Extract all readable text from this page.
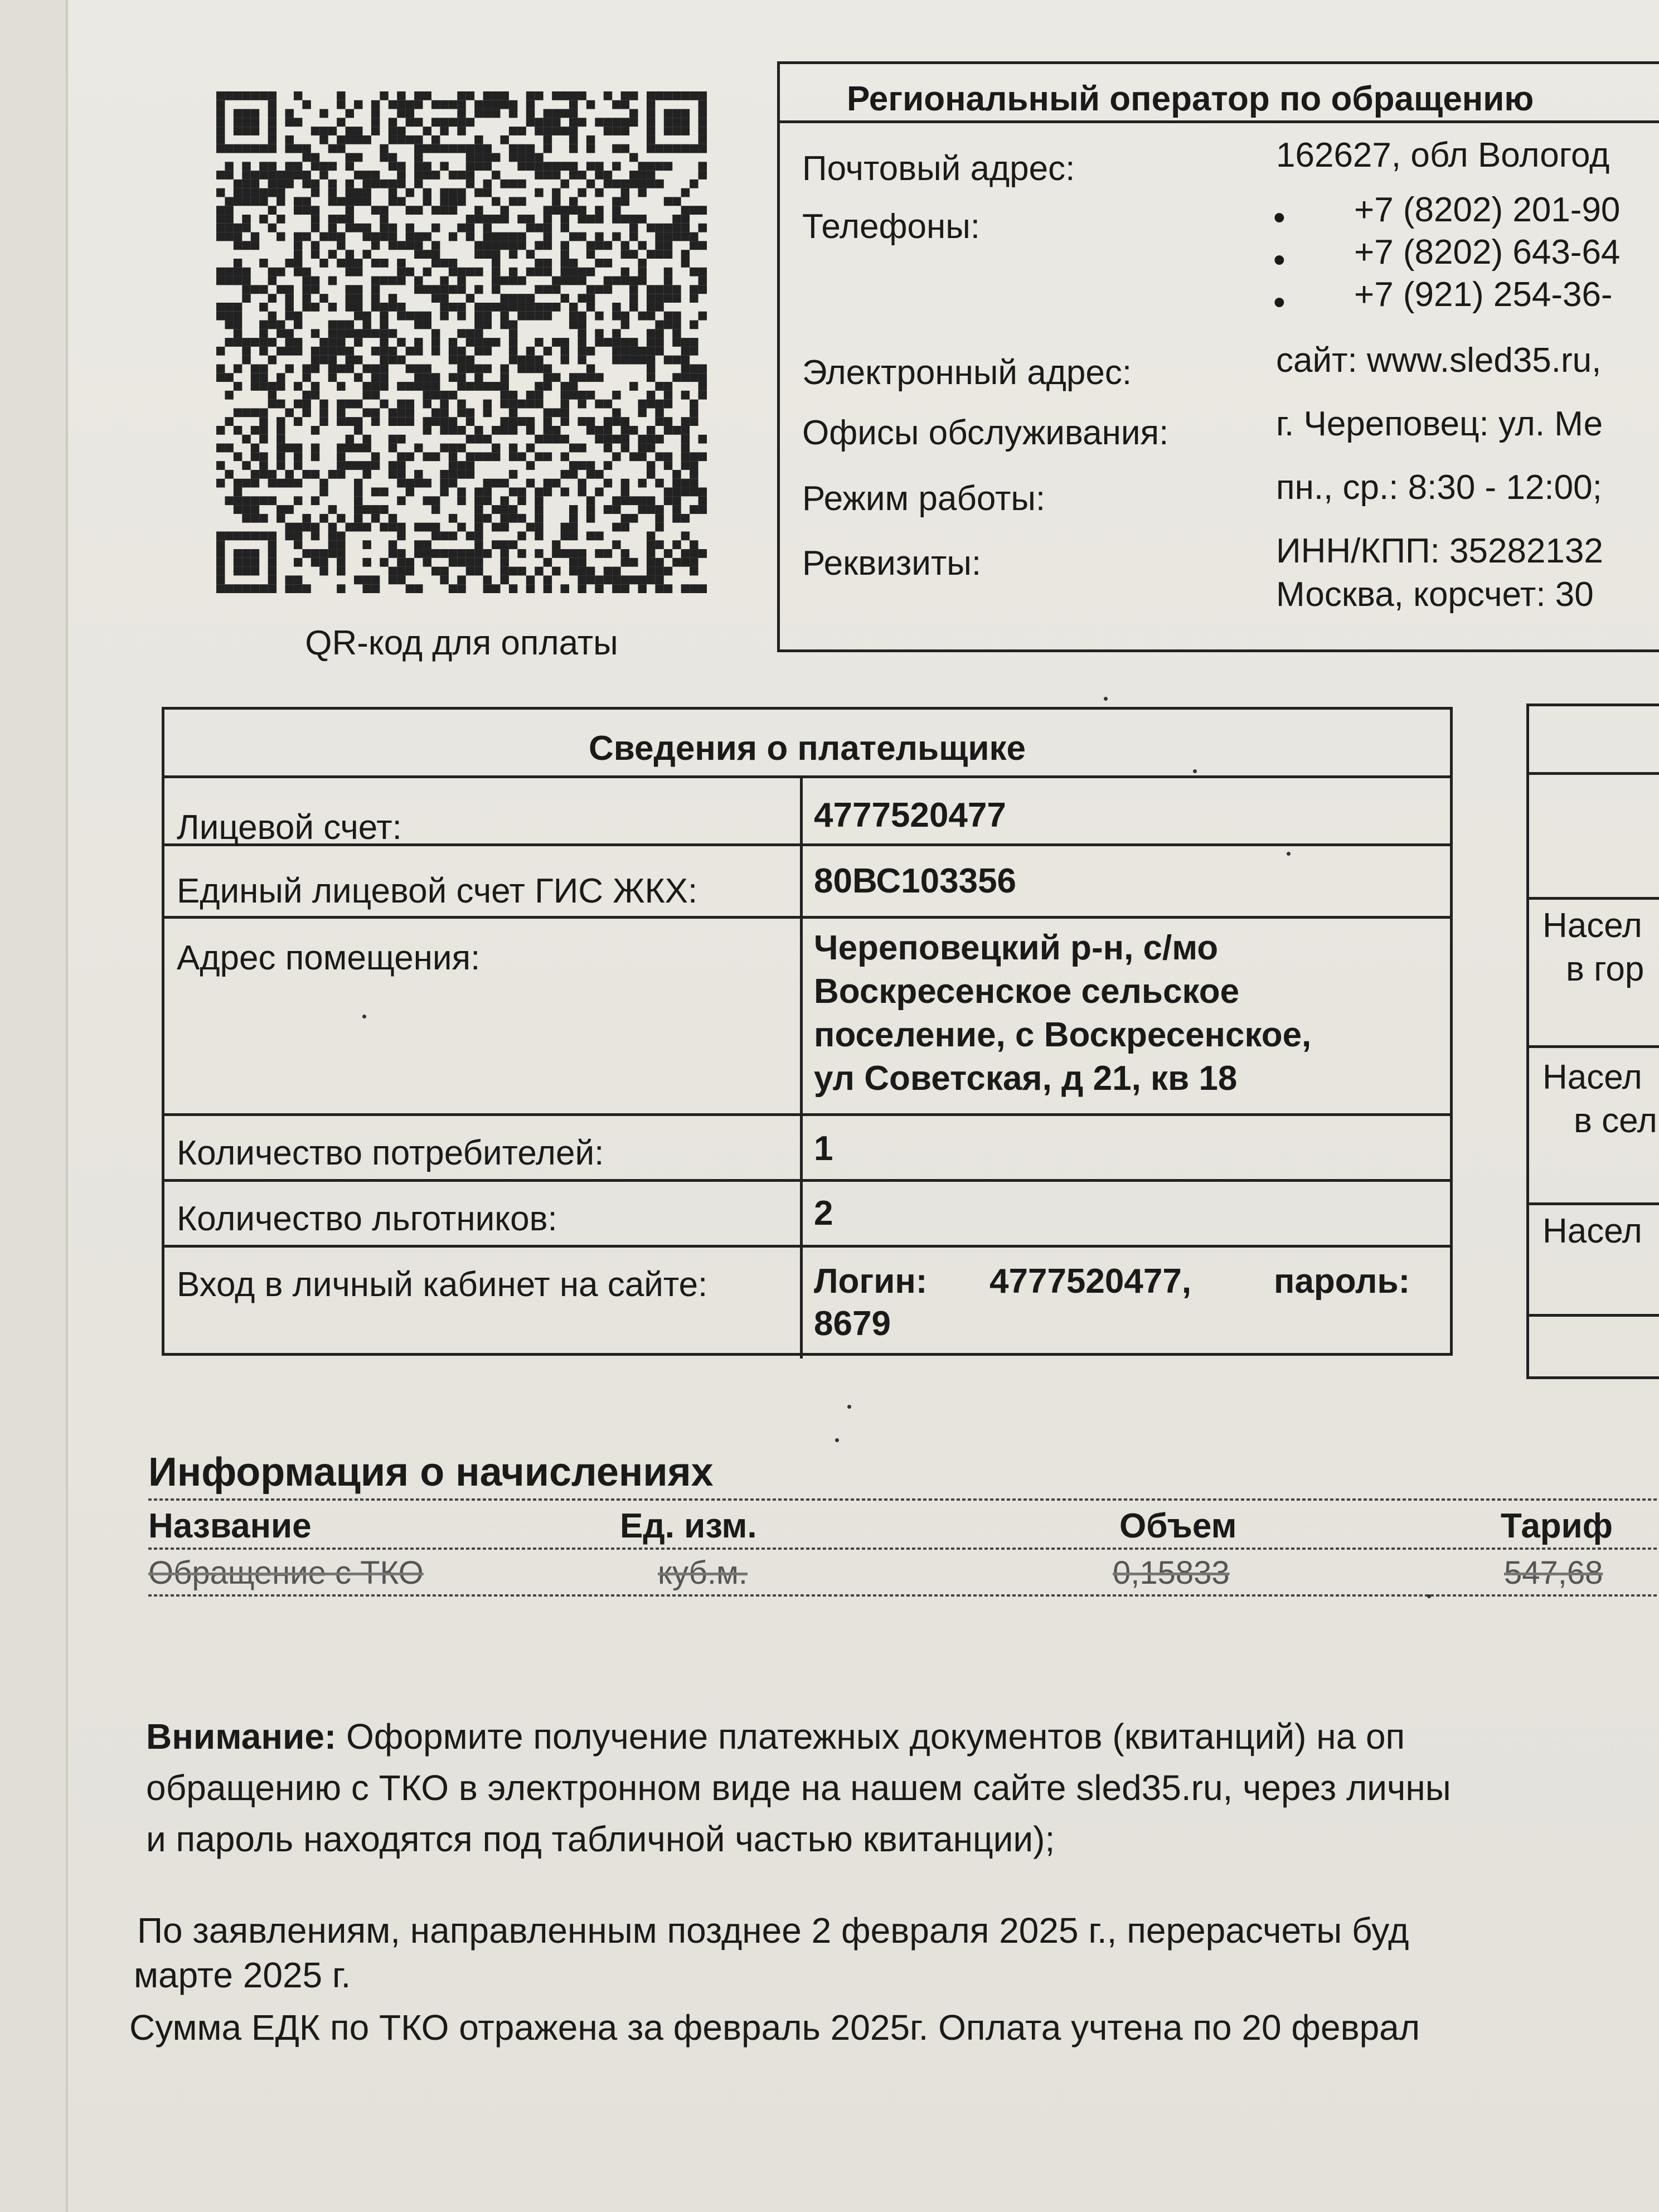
QR-код для оплаты
Региональный оператор по обращению
Почтовый адрес:	162627, обл Вологод
Телефоны:	• +7 (8202) 201-90
• +7 (8202) 643-64
• +7 (921) 254-36-
Электронный адрес:	сайт: www.sled35.ru,
Офисы обслуживания:	г. Череповец: ул. Ме
Режим работы:	пн., ср.: 8:30 - 12:00;
Реквизиты:	ИНН/КПП: 35282132
Москва, корсчет: 30
Сведения о плательщике
Лицевой счет:	4777520477
Единый лицевой счет ГИС ЖКХ:	80ВС103356
Адрес помещения:	Череповецкий р-н, с/мо
Воскресенское сельское
поселение, с Воскресенское,
ул Советская, д 21, кв 18
Количество потребителей:	1
Количество льготников:	2
Вход в личный кабинет на сайте:	Логин: 4777520477, пароль:
8679
Насел
в гор
Насел
в сел
Насел
Информация о начислениях
Название	Ед. изм.	Объем	Тариф
Обращение с ТКО	куб.м.	0,15833	547,68
Внимание: Оформите получение платежных документов (квитанций) на оп
обращению с ТКО в электронном виде на нашем сайте sled35.ru, через личны
и пароль находятся под табличной частью квитанции);
По заявлениям, направленным позднее 2 февраля 2025 г., перерасчеты буд
марте 2025 г.
Сумма ЕДК по ТКО отражена за февраль 2025г. Оплата учтена по 20 феврал
